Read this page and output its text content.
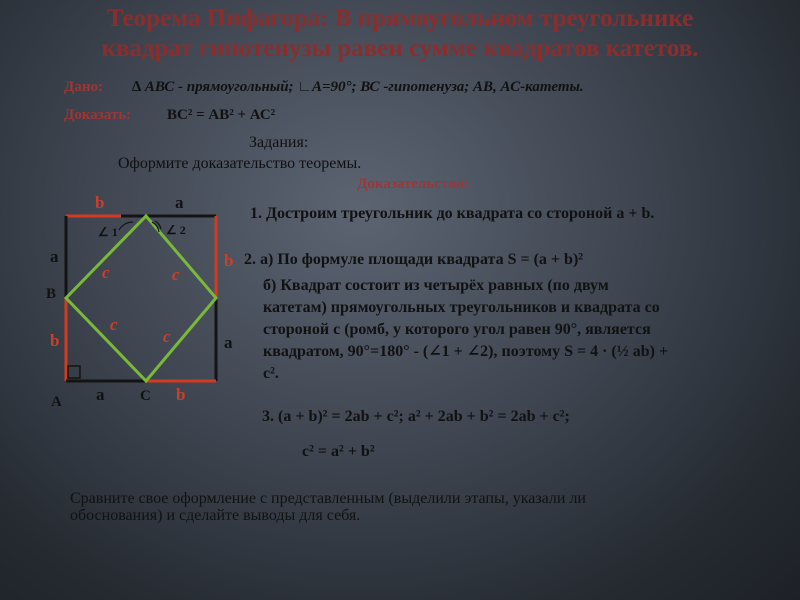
Теорема Пифагора: В прямоугольном треугольнике
квадрат гипотенузы равен сумме квадратов катетов.
Дано: ∆ АВС - прямоугольный; ∟А=90°; ВС -гипотенуза; АВ, АС-катеты.
Доказать: ВС² = АВ² + АС²
Задания:
Оформите доказательство теоремы.
Доказательство:
1. Достроим треугольник до квадрата со стороной а + b.
2. а) По формуле площади квадрата S = (a + b)²
б) Квадрат состоит из четырёх равных (по двум
катетам) прямоугольных треугольников и квадрата со
стороной с (ромб, у которого угол равен 90°, является
квадратом, 90°=180° - (∠1 + ∠2), поэтому S = 4 · (½ ab) +
c².
3. (a + b)² = 2ab + c²; a² + 2ab + b² = 2ab + c²;
c² = a² + b²
Сравните свое оформление с представленным (выделили этапы, указали ли
обоснования) и сделайте выводы для себя.
b	a
a
b
b
a
a	b
A
B
C
c	c
c
c
∠ 1	∠ 2
